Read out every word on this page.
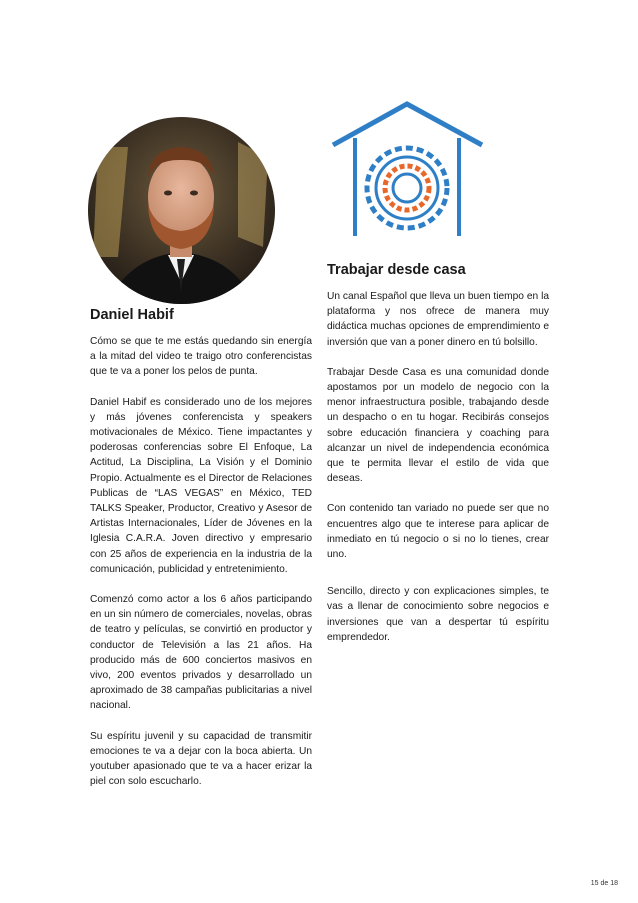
Daniel Habif

Cómo se que te me estás quedando sin energía a la mitad del video te traigo otro conferencistas que te va a poner los pelos de punta.

Daniel Habif es considerado uno de los mejores y más jóvenes conferencista y speakers motivacionales de México. Tiene impactantes y poderosas conferencias sobre El Enfoque, La Actitud, La Disciplina, La Visión y el Dominio Propio. Actualmente es el Director de Relaciones Publicas de “LAS VEGAS” en México, TED TALKS Speaker, Productor, Creativo y Asesor de Artistas Internacionales, Líder de Jóvenes en la Iglesia C.A.R.A. Joven directivo y empresario con 25 años de experiencia en la industria de la comunicación, publicidad y entretenimiento.

Comenzó como actor a los 6 años participando en un sin número de comerciales, novelas, obras de teatro y películas, se convirtió en productor y conductor de Televisión a las 21 años. Ha producido más de 600 conciertos masivos en vivo, 200 eventos privados y desarrollado un aproximado de 38 campañas publicitarias a nivel nacional.

Su espíritu juvenil y su capacidad de transmitir emociones te va a dejar con la boca abierta. Un youtuber apasionado que te va a hacer erizar la piel con solo escucharlo.

Trabajar desde casa

Un canal Español que lleva un buen tiempo en la plataforma y nos ofrece de manera muy didáctica muchas opciones de emprendimiento e inversión que van a poner dinero en tú bolsillo.

Trabajar Desde Casa es una comunidad donde apostamos por un modelo de negocio con la menor infraestructura posible, trabajando desde un despacho o en tu hogar. Recibirás consejos sobre educación financiera y coaching para alcanzar un nivel de independencia económica que te permita llevar el estilo de vida que deseas.

Con contenido tan variado no puede ser que no encuentres algo que te interese para aplicar de inmediato en tú negocio o si no lo tienes, crear uno.

Sencillo, directo y con explicaciones simples, te vas a llenar de conocimiento sobre negocios e inversiones que van a despertar tú espíritu emprendedor.

15 de 18
